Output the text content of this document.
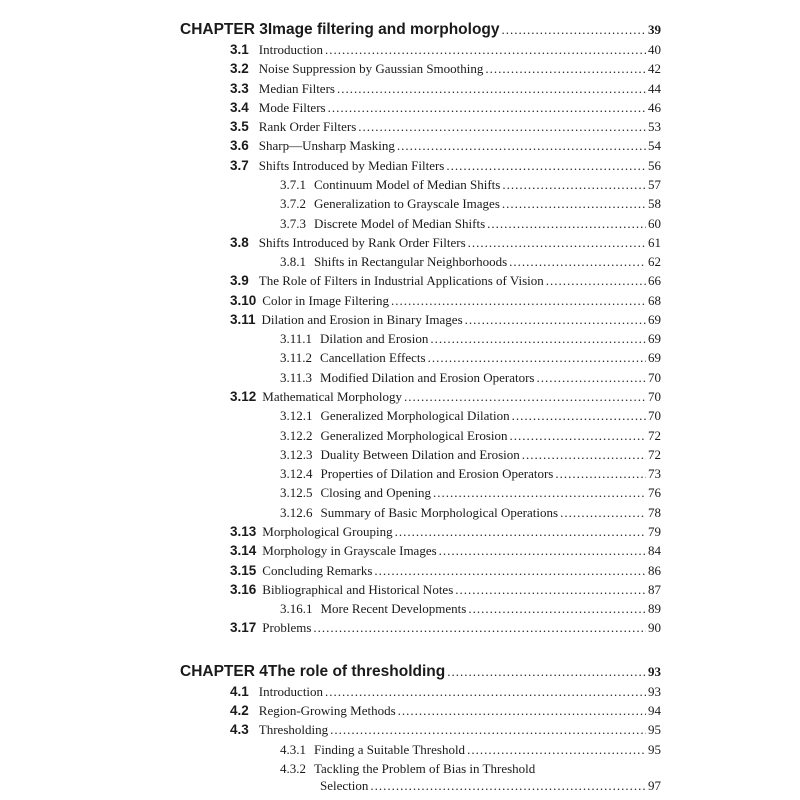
CHAPTER 3 Image filtering and morphology .....	39
3.1 Introduction .....	40
3.2 Noise Suppression by Gaussian Smoothing .....	42
3.3 Median Filters .....	44
3.4 Mode Filters .....	46
3.5 Rank Order Filters .....	53
3.6 Sharp—Unsharp Masking .....	54
3.7 Shifts Introduced by Median Filters .....	56
3.7.1 Continuum Model of Median Shifts .....	57
3.7.2 Generalization to Grayscale Images .....	58
3.7.3 Discrete Model of Median Shifts .....	60
3.8 Shifts Introduced by Rank Order Filters .....	61
3.8.1 Shifts in Rectangular Neighborhoods .....	62
3.9 The Role of Filters in Industrial Applications of Vision .....	66
3.10 Color in Image Filtering .....	68
3.11 Dilation and Erosion in Binary Images .....	69
3.11.1 Dilation and Erosion .....	69
3.11.2 Cancellation Effects .....	69
3.11.3 Modified Dilation and Erosion Operators .....	70
3.12 Mathematical Morphology .....	70
3.12.1 Generalized Morphological Dilation .....	70
3.12.2 Generalized Morphological Erosion .....	72
3.12.3 Duality Between Dilation and Erosion .....	72
3.12.4 Properties of Dilation and Erosion Operators .....	73
3.12.5 Closing and Opening .....	76
3.12.6 Summary of Basic Morphological Operations .....	78
3.13 Morphological Grouping .....	79
3.14 Morphology in Grayscale Images .....	84
3.15 Concluding Remarks .....	86
3.16 Bibliographical and Historical Notes .....	87
3.16.1 More Recent Developments .....	89
3.17 Problems .....	90
CHAPTER 4 The role of thresholding .....	93
4.1 Introduction .....	93
4.2 Region-Growing Methods .....	94
4.3 Thresholding .....	95
4.3.1 Finding a Suitable Threshold .....	95
4.3.2 Tackling the Problem of Bias in Threshold
Selection .....	97
